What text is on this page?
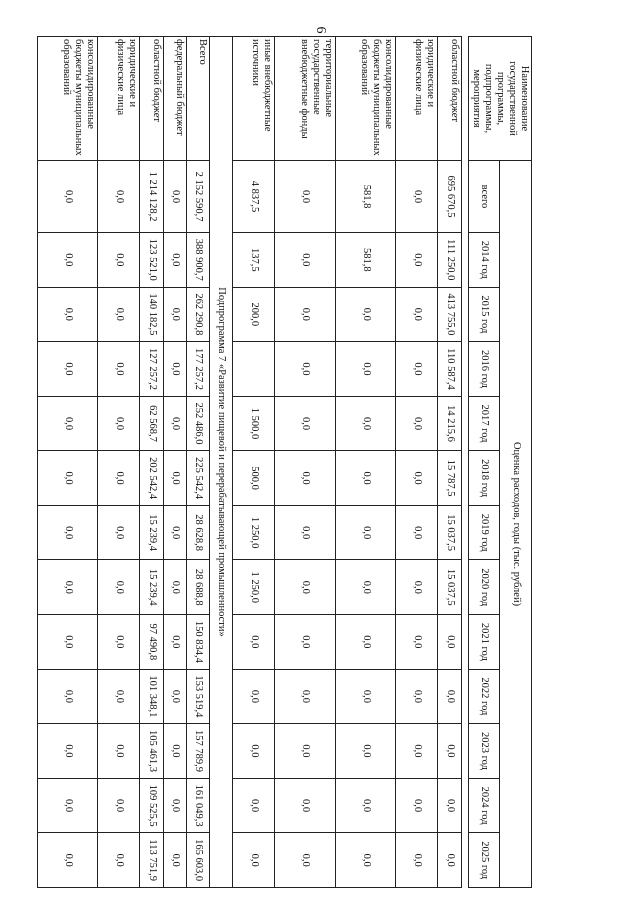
6
Наименование государственной программы, подпрограммы, мероприятия	Оценка расходов, годы (тыс. рублей)												
	всего	2014 год	2015 год	2016 год	2017 год	2018 год	2019 год	2020 год	2021 год	2022 год	2023 год	2024 год	2025 год

областной бюджет	695 670,5	111 250,0	413 755,0	110 587,4	14 215,6	15 787,5	15 037,5	15 037,5	0,0	0,0	0,0	0,0	0,0
юридические и физические лица	0,0	0,0	0,0	0,0	0,0	0,0	0,0	0,0	0,0	0,0	0,0	0,0	0,0
консолидированные бюджеты муниципальных образований	581,8	581,8	0,0	0,0	0,0	0,0	0,0	0,0	0,0	0,0	0,0	0,0	0,0
территориальные государственные внебюджетные фонды	0,0	0,0	0,0	0,0	0,0	0,0	0,0	0,0	0,0	0,0	0,0	0,0	0,0
иные внебюджетные источники	4 837,5	137,5	200,0		1 500,0	500,0	1 250,0	1 250,0	0,0	0,0	0,0	0,0	0,0
Подпрограмма 7 «Развитие пищевой и перерабатывающей промышленности»													
Всего	2 152 590,7	388 900,7	262 290,8	177 257,2	252 486,0	225 542,4	28 628,8	28 688,8	150 834,4	153 519,4	157 789,9	161 049,3	165 603,0
федеральный бюджет	0,0	0,0	0,0	0,0	0,0	0,0	0,0	0,0	0,0	0,0	0,0	0,0	0,0
областной бюджет	1 214 128,2	123 521,0	140 182,5	127 257,2	62 568,7	202 542,4	15 239,4	15 239,4	97 490,8	101 348,1	105 461,3	109 525,5	113 751,9
юридические и физические лица	0,0	0,0	0,0	0,0	0,0	0,0	0,0	0,0	0,0	0,0	0,0	0,0	0,0
консолидированные бюджеты муниципальных образований	0,0	0,0	0,0	0,0	0,0	0,0	0,0	0,0	0,0	0,0	0,0	0,0	0,0
